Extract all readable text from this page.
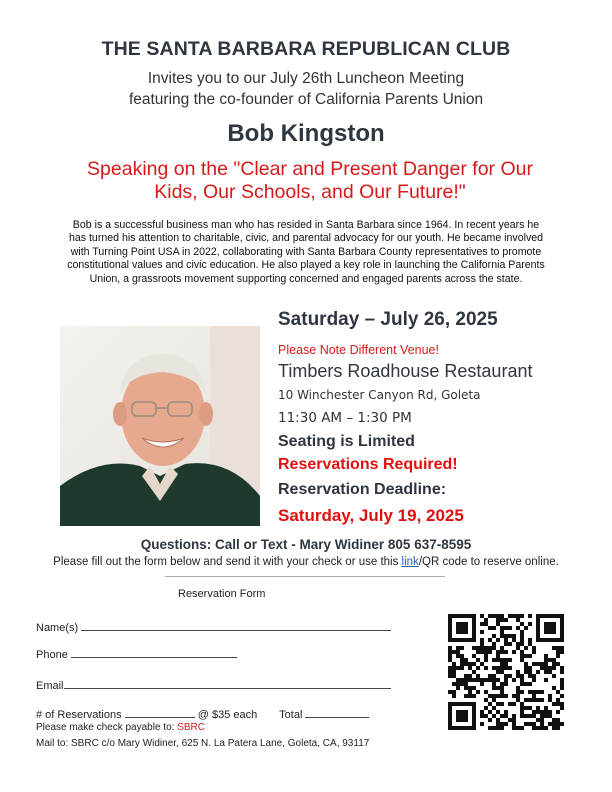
THE SANTA BARBARA REPUBLICAN CLUB
Invites you to our July 26th Luncheon Meeting
featuring the co-founder of California Parents Union
Bob Kingston
Speaking on the "Clear and Present Danger for Our
Kids, Our Schools, and Our Future!"
Bob is a successful business man who has resided in Santa Barbara since 1964. In recent years he
has turned his attention to charitable, civic, and parental advocacy for our youth. He became involved
with Turning Point USA in 2022, collaborating with Santa Barbara County representatives to promote
constitutional values and civic education. He also played a key role in launching the California Parents
Union, a grassroots movement supporting concerned and engaged parents across the state.
Saturday – July 26, 2025
Please Note Different Venue!
Timbers Roadhouse Restaurant
10 Winchester Canyon Rd, Goleta
11:30 AM – 1:30 PM
Seating is Limited
Reservations Required!
Reservation Deadline:
Saturday, July 19, 2025
Questions: Call or Text - Mary Widiner 805 637-8595
Please fill out the form below and send it with your check or use this link/QR code to reserve online.
Reservation Form
Name(s)
Phone
Email
# of Reservations	@ $35 each Total
Please make check payable to: SBRC
Mail to: SBRC c/o Mary Widiner, 625 N. La Patera Lane, Goleta, CA, 93117
